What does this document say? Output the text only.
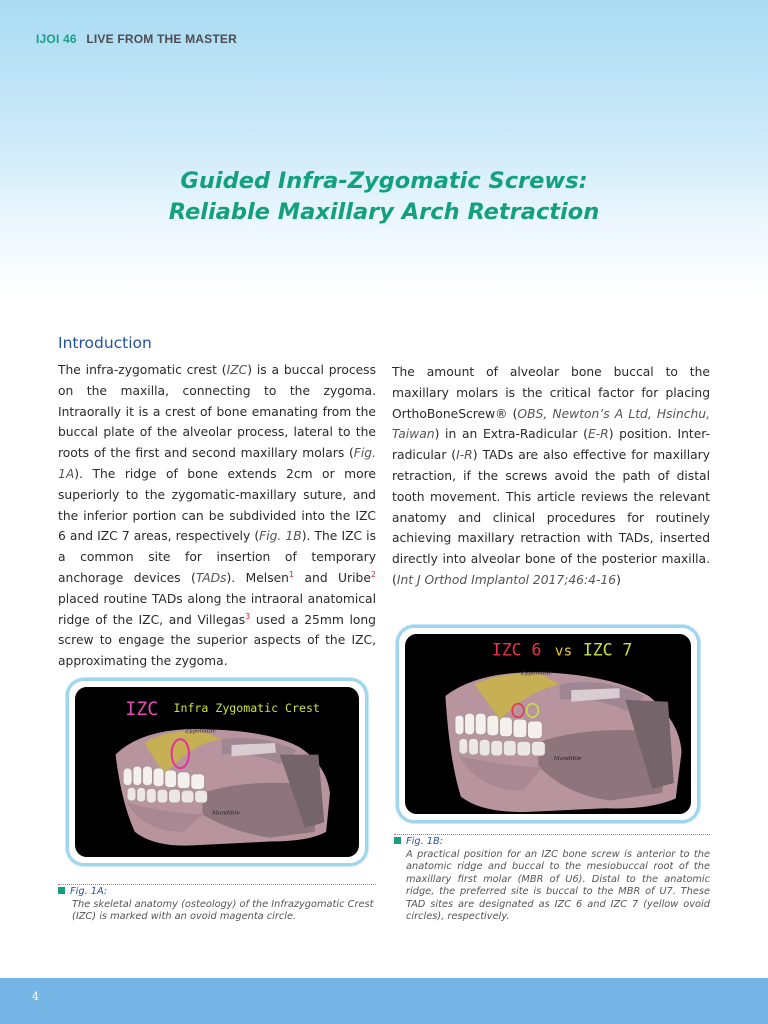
IJOI 46 LIVE FROM THE MASTER
Guided Infra-Zygomatic Screws:
Reliable Maxillary Arch Retraction
Introduction

The infra-zygomatic crest (IZC) is a buccal process on the maxilla, connecting to the zygoma. Intraorally it is a crest of bone emanating from the buccal plate of the alveolar process, lateral to the roots of the first and second maxillary molars (Fig. 1A). The ridge of bone extends 2cm or more superiorly to the zygomatic-maxillary suture, and the inferior portion can be subdivided into the IZC 6 and IZC 7 areas, respectively (Fig. 1B). The IZC is a common site for insertion of temporary anchorage devices (TADs). Melsen$^1$ and Uribe$^2$ placed routine TADs along the intraoral anatomical ridge of the IZC, and Villegas$^3$ used a 25mm long screw to engage the superior aspects of the IZC, approximating the zygoma.

The amount of alveolar bone buccal to the maxillary molars is the critical factor for placing OrthoBoneScrew® (OBS, Newton’s A Ltd, Hsinchu, Taiwan) in an Extra-Radicular (E-R) position. Inter-radicular (I-R) TADs are also effective for maxillary retraction, if the screws avoid the path of distal tooth movement. This article reviews the relevant anatomy and clinical procedures for routinely achieving maxillary retraction with TADs, inserted directly into alveolar bone of the posterior maxilla. (Int J Orthod Implantol 2017;46:4-16)

IZC Infra Zygomatic Crest
Zygomatic
Mandible
Fig. 1A:
The skeletal anatomy (osteology) of the Infrazygomatic Crest (IZC) is marked with an ovoid magenta circle.
IZC 6 vs IZC 7
Zygomatic
Mandible
Fig. 1B:
A practical position for an IZC bone screw is anterior to the anatomic ridge and buccal to the mesiobuccal root of the maxillary first molar (MBR of U6). Distal to the anatomic ridge, the preferred site is buccal to the MBR of U7. These TAD sites are designated as IZC 6 and IZC 7 (yellow ovoid circles), respectively.
4
